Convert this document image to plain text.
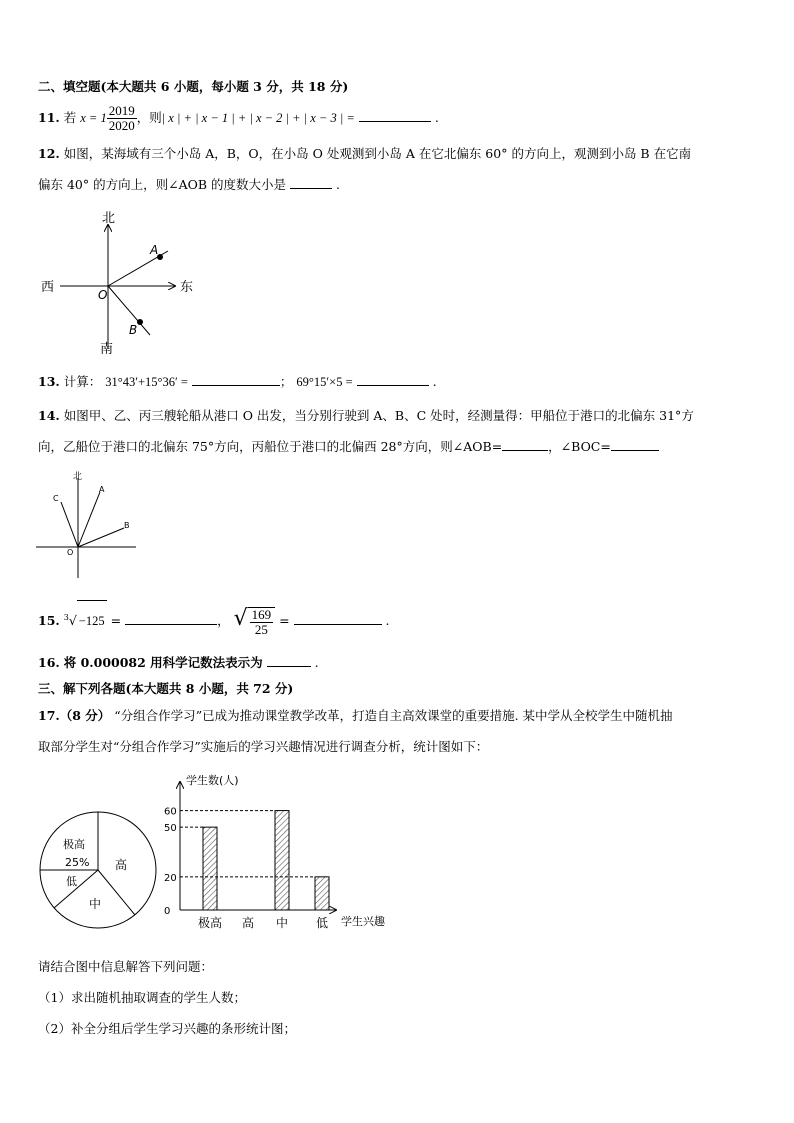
二、填空题(本大题共 6 小题，每小题 3 分，共 18 分)
11. 若 $x = 1 \frac{2019}{2020}$ ，则| x | + | x − 1 | + | x − 2 | + | x − 3 | =	.
12. 如图，某海域有三个小岛 A，B，O，在小岛 O 处观测到小岛 A 在它北偏东 60° 的方向上，观测到小岛 B 在它南
偏东 40° 的方向上，则∠AOB 的度数大小是	.
北
南
东
西	O
A
B
13. 计算： 31°43′+15°36′ =	； 69°15′×5 =	.
14. 如图甲、乙、丙三艘轮船从港口 O 出发，当分别行驶到 A、B、C 处时，经测量得：甲船位于港口的北偏东 31°方
向，乙船位于港口的北偏东 75°方向，丙船位于港口的北偏西 28°方向，则∠AOB=	，∠BOC=
北
O
A
B
C
15. $^3$√ −125 =	， √ $\frac{169}{25}$ =	.
16. 将 0.000082 用科学记数法表示为	.
三、解下列各题(本大题共 8 小题，共 72 分)
17.（8 分） “分组合作学习”已成为推动课堂教学改革，打造自主高效课堂的重要措施. 某中学从全校学生中随机抽
取部分学生对“分组合作学习”实施后的学习兴趣情况进行调查分析，统计图如下：
极高
25% 高
中
低
学生数(人)
学生兴趣
0
20
50
60
极高 高 中 低
请结合图中信息解答下列问题：
（1）求出随机抽取调查的学生人数；
（2）补全分组后学生学习兴趣的条形统计图；
